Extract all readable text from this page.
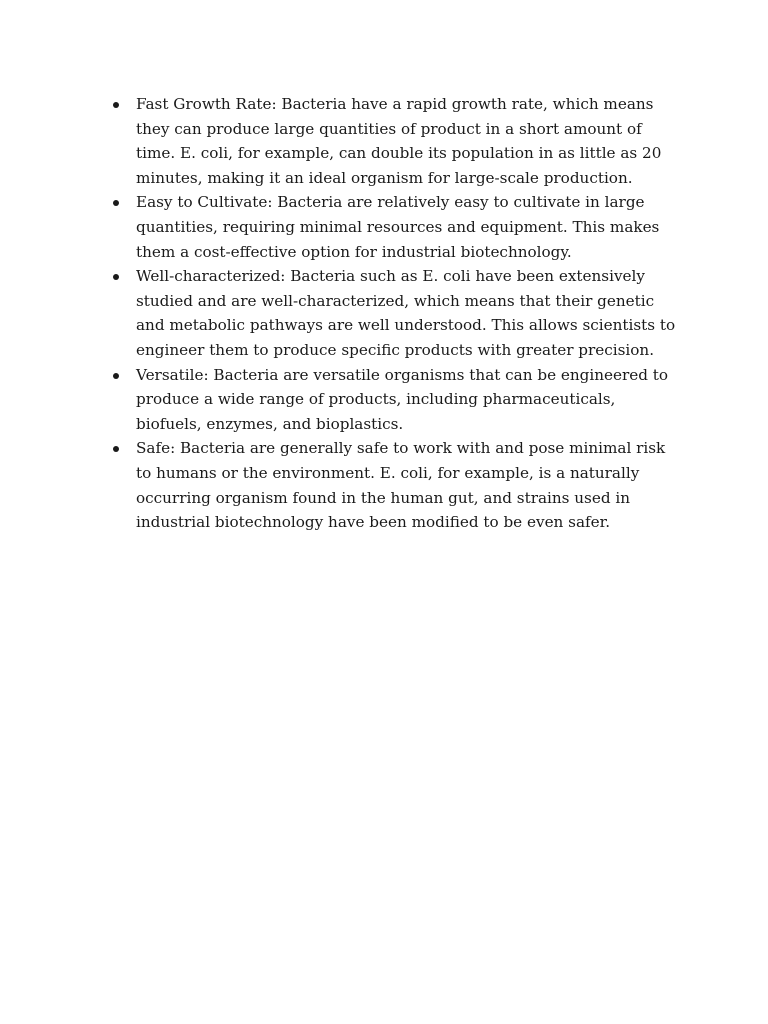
Fast Growth Rate: Bacteria have a rapid growth rate, which means they can produce large quantities of product in a short amount of time. E. coli, for example, can double its population in as little as 20 minutes, making it an ideal organism for large-scale production.
Easy to Cultivate: Bacteria are relatively easy to cultivate in large quantities, requiring minimal resources and equipment. This makes them a cost-effective option for industrial biotechnology.
Well-characterized: Bacteria such as E. coli have been extensively studied and are well-characterized, which means that their genetic and metabolic pathways are well understood. This allows scientists to engineer them to produce specific products with greater precision.
Versatile: Bacteria are versatile organisms that can be engineered to produce a wide range of products, including pharmaceuticals, biofuels, enzymes, and bioplastics.
Safe: Bacteria are generally safe to work with and pose minimal risk to humans or the environment. E. coli, for example, is a naturally occurring organism found in the human gut, and strains used in industrial biotechnology have been modified to be even safer.
